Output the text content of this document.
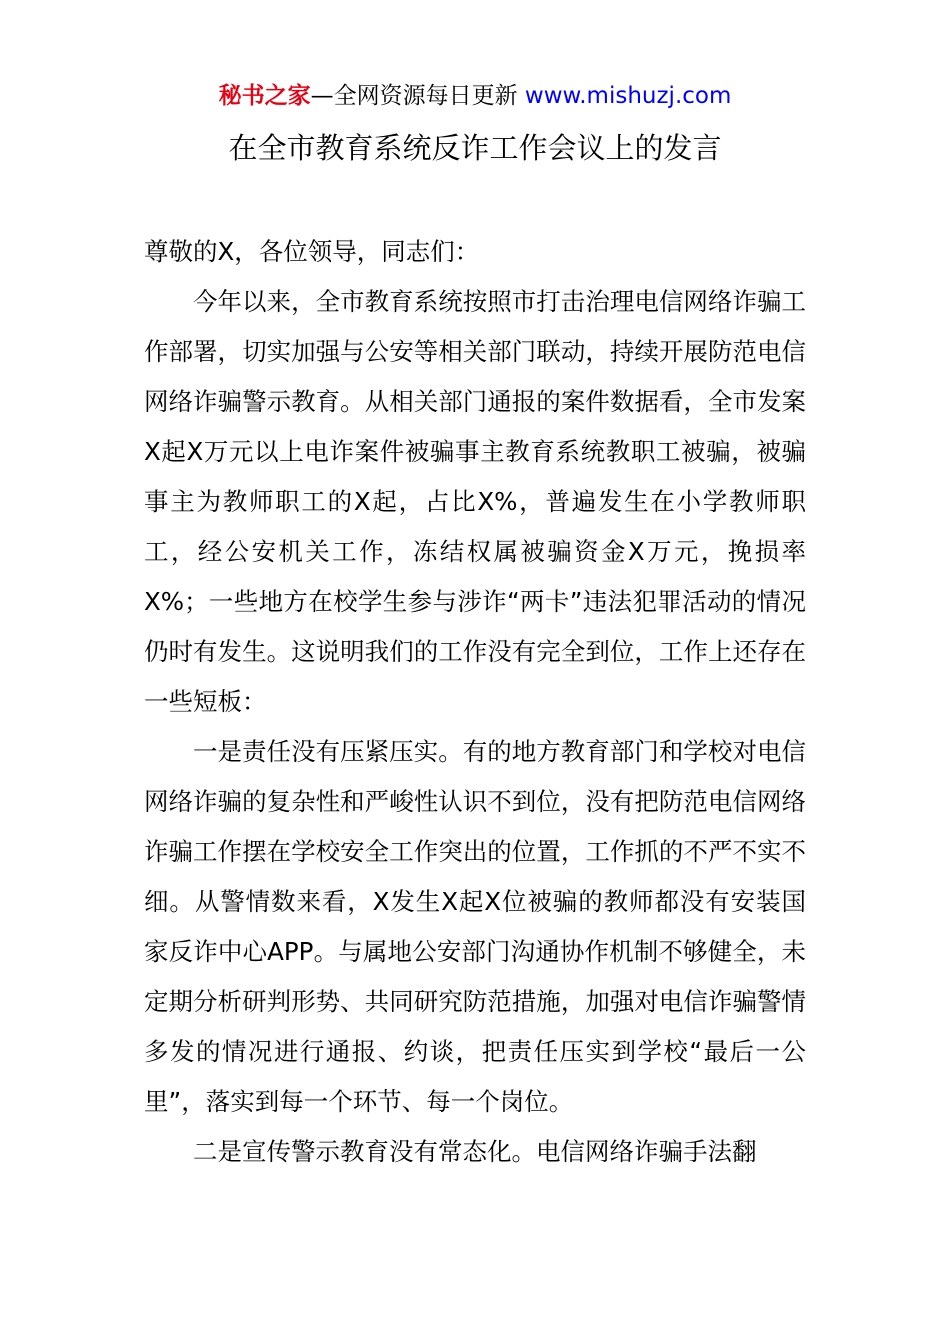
秘书之家—全网资源每日更新 www.mishuzj.com
在全市教育系统反诈工作会议上的发言

尊敬的X，各位领导，同志们：

今年以来，全市教育系统按照市打击治理电信网络诈骗工作部署，切实加强与公安等相关部门联动，持续开展防范电信网络诈骗警示教育。从相关部门通报的案件数据看，全市发案X起X万元以上电诈案件被骗事主教育系统教职工被骗，被骗事主为教师职工的X起，占比X%，普遍发生在小学教师职工，经公安机关工作，冻结权属被骗资金X万元，挽损率X%；一些地方在校学生参与涉诈“两卡”违法犯罪活动的情况仍时有发生。这说明我们的工作没有完全到位，工作上还存在一些短板：

一是责任没有压紧压实。有的地方教育部门和学校对电信网络诈骗的复杂性和严峻性认识不到位，没有把防范电信网络诈骗工作摆在学校安全工作突出的位置，工作抓的不严不实不细。从警情数来看，X发生X起X位被骗的教师都没有安装国家反诈中心APP。与属地公安部门沟通协作机制不够健全，未定期分析研判形势、共同研究防范措施，加强对电信诈骗警情多发的情况进行通报、约谈，把责任压实到学校“最后一公里”，落实到每一个环节、每一个岗位。

二是宣传警示教育没有常态化。电信网络诈骗手法翻
